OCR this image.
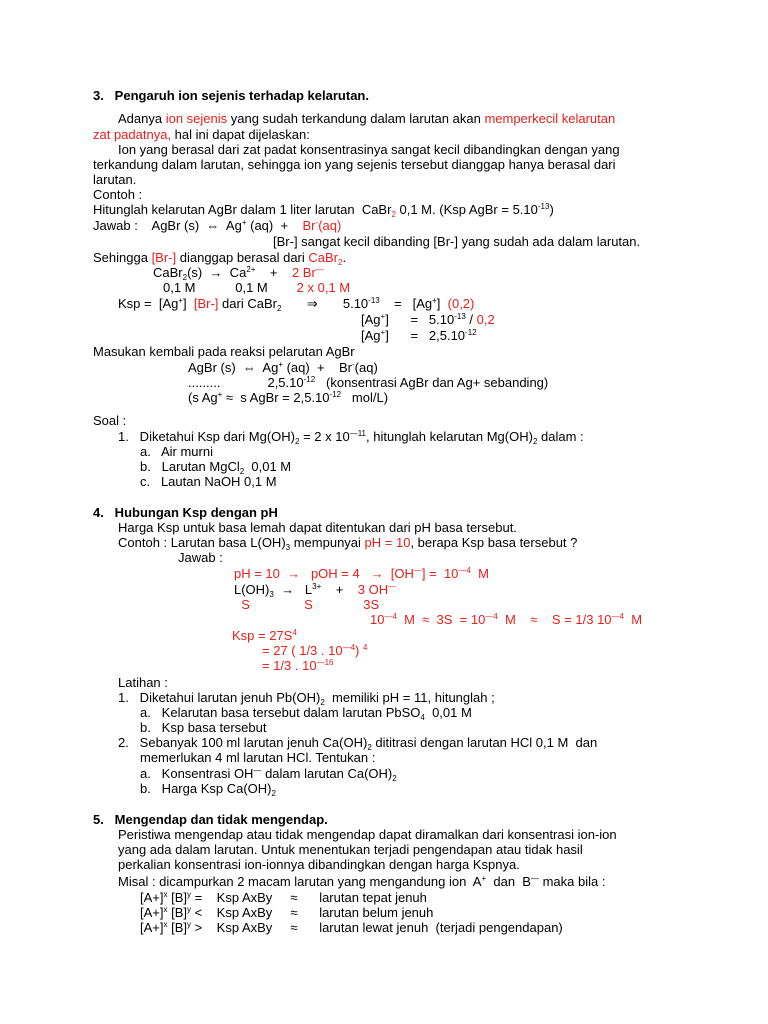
3.   Pengaruh ion sejenis terhadap kelarutan.
Adanya ion sejenis yang sudah terkandung dalam larutan akan memperkecil kelarutan
zat padatnya, hal ini dapat dijelaskan:
Ion yang berasal dari zat padat konsentrasinya sangat kecil dibandingkan dengan yang
terkandung dalam larutan, sehingga ion yang sejenis tersebut dianggap hanya berasal dari
larutan.
Contoh :
Hitunglah kelarutan AgBr dalam 1 liter larutan  CaBr$_2$ 0,1 M. (Ksp AgBr = $5.10^{-13}$)
Jawab :    AgBr (s)  ⇔  Ag+ (aq)  +    Br-(aq)
[Br-] sangat kecil dibanding [Br-] yang sudah ada dalam larutan.
Sehingga [Br-] dianggap berasal dari CaBr$_2$.
CaBr$_2$(s)  →  $Ca^{2+}$    +    2 Br—
0,1 M           0,1 M        2 x 0,1 M
Ksp =  [Ag+]  [Br-] dari CaBr$_2$       ⇒       $5.10^{-13}$    =   [Ag+]  (0,2)
[Ag+]      =   $5.10^{-13} / 0,2$
[Ag+]      =   $2,5.10^{-12}$
Masukan kembali pada reaksi pelarutan AgBr
AgBr (s)  ⇔  Ag+ (aq)  +    Br-(aq)
.........             $2,5.10^{-12}$   (konsentrasi AgBr dan Ag+ sebanding)
(s Ag+ ≈  s AgBr = $2,5.10^{-12}$   mol/L)
Soal :
1.   Diketahui Ksp dari $Mg(OH)_2 = 2$ x $10^{—11}$, hitunglah kelarutan $Mg(OH)_2$ dalam :
a.   Air murni
b.   Larutan MgCl$_2$  0,01 M
c.   Lautan NaOH 0,1 M
4.   Hubungan Ksp dengan pH
Harga Ksp untuk basa lemah dapat ditentukan dari pH basa tersebut.
Contoh : Larutan basa $L(OH)_3$ mempunyai pH = 10, berapa Ksp basa tersebut ?
Jawab :
pH = 10  →   pOH = $4 \to [OH^—] = 10^{—4}$  M
$L(OH)_3 \to L^{3+}$    +    3 OH—
S               S              3S
$10^{—4}$  $M \approx 3S = 10^{—4}$  M    ≈    S = 1/3 $10^{—4}$  M
Ksp = $27S^4$
= 27 ( 1/3 . $10^{—4}$) $^4$
= 1/3 . $10^{—16}$
Latihan :
1.   Diketahui larutan jenuh $Pb(OH)_2$  memiliki pH = 11, hitunglah ;
a.   Kelarutan basa tersebut dalam larutan PbSO$_4$  0,01 M
b.   Ksp basa tersebut
2.   Sebanyak 100 ml larutan jenuh $Ca(OH)_2$ dititrasi dengan larutan HCl 0,1 M  dan
memerlukan 4 ml larutan HCl. Tentukan :
a.   Konsentrasi OH— dalam larutan $Ca(OH)_2$
b.   Harga Ksp $Ca(OH)_2$
5.   Mengendap dan tidak mengendap.
Peristiwa mengendap atau tidak mengendap dapat diramalkan dari konsentrasi ion-ion
yang ada dalam larutan. Untuk menentukan terjadi pengendapan atau tidak hasil
perkalian konsentrasi ion-ionnya dibandingkan dengan harga Kspnya.
Misal : dicampurkan 2 macam larutan yang mengandung ion  A+  dan  B— maka bila :
$[A+]^x$ $[B]^y$ =    Ksp AxBy     ≈      larutan tepat jenuh
$[A+]^x$ $[B]^y$ <    Ksp AxBy     ≈      larutan belum jenuh
$[A+]^x$ $[B]^y$ >    Ksp AxBy     ≈      larutan lewat jenuh  (terjadi pengendapan)
